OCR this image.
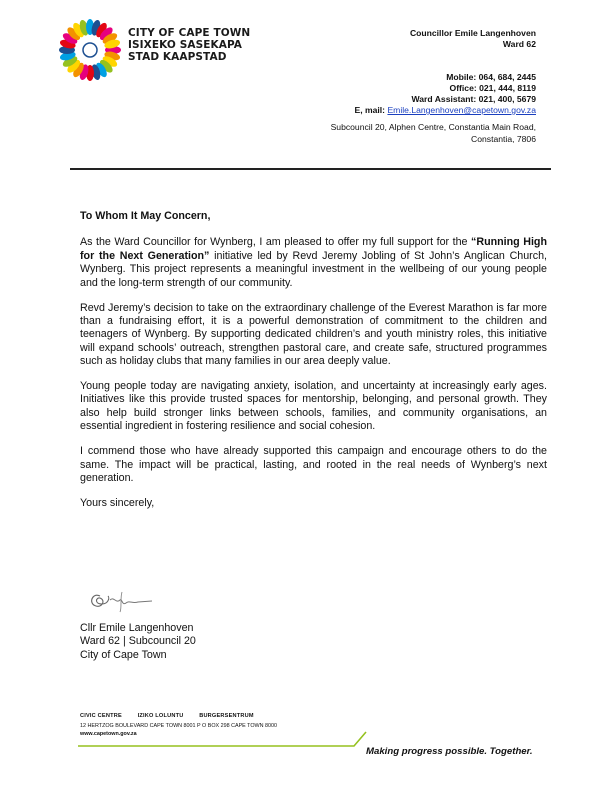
CITY OF CAPE TOWN
ISIXEKO SASEKAPA
STAD KAAPSTAD
Councillor Emile Langenhoven
Ward 62
Mobile: 064, 684, 2445
Office: 021, 444, 8119
Ward Assistant: 021, 400, 5679
E, mail: Emile.Langenhoven@capetown.gov.za
Subcouncil 20, Alphen Centre, Constantia Main Road,
Constantia, 7806

To Whom It May Concern,

As the Ward Councillor for Wynberg, I am pleased to offer my full support for the “Running High for the Next Generation” initiative led by Revd Jeremy Jobling of St John’s Anglican Church, Wynberg. This project represents a meaningful investment in the wellbeing of our young people and the long-term strength of our community.

Revd Jeremy’s decision to take on the extraordinary challenge of the Everest Marathon is far more than a fundraising effort, it is a powerful demonstration of commitment to the children and teenagers of Wynberg. By supporting dedicated children’s and youth ministry roles, this initiative will expand schools’ outreach, strengthen pastoral care, and create safe, structured programmes such as holiday clubs that many families in our area deeply value.

Young people today are navigating anxiety, isolation, and uncertainty at increasingly early ages. Initiatives like this provide trusted spaces for mentorship, belonging, and personal growth. They also help build stronger links between schools, families, and community organisations, an essential ingredient in fostering resilience and social cohesion.

I commend those who have already supported this campaign and encourage others to do the same. The impact will be practical, lasting, and rooted in the real needs of Wynberg’s next generation.

Yours sincerely,

Cllr Emile Langenhoven
Ward 62 | Subcouncil 20
City of Cape Town
CIVIC CENTRE	IZIKO LOLUNTU	BURGERSENTRUM
12 HERTZOG BOULEVARD CAPE TOWN 8001 P O BOX 298 CAPE TOWN 8000
www.capetown.gov.za
Making progress possible. Together.
